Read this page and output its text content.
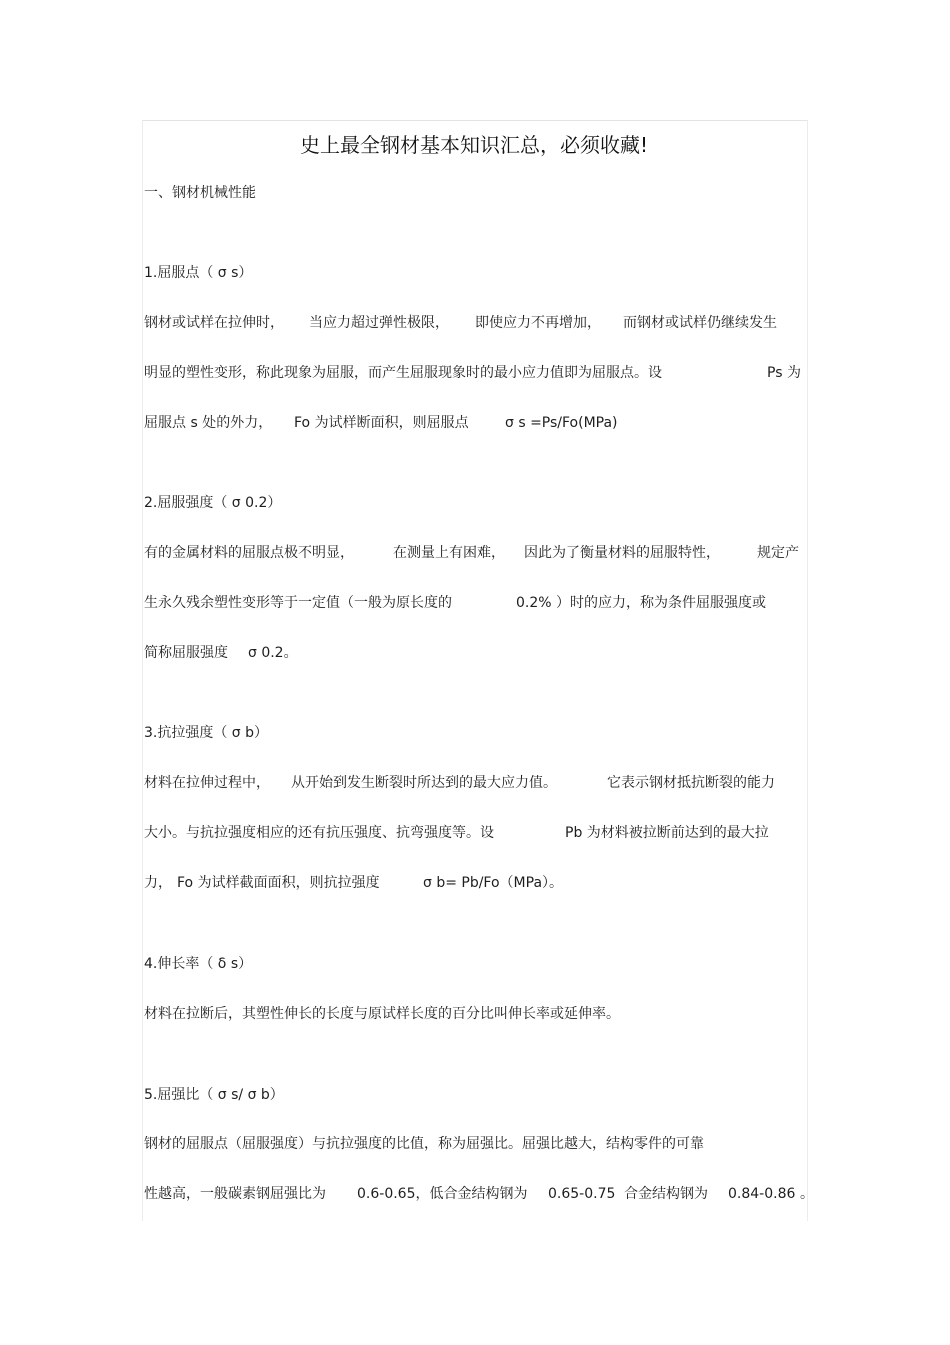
史上最全钢材基本知识汇总，必须收藏!
一、钢材机械性能
1.屈服点（ σ s）

钢材或试样在拉伸时，

当应力超过弹性极限，

即使应力不再增加，

而钢材或试样仍继续发生

明显的塑性变形，称此现象为屈服，而产生屈服现象时的最小应力值即为屈服点。设

	Ps 为

屈服点 s 处的外力，

Fo 为试样断面积，则屈服点

	σ s =Ps/Fo(MPa)

2.屈服强度（ σ 0.2）

有的金属材料的屈服点极不明显，

	在测量上有困难，

因此为了衡量材料的屈服特性，

	规定产

生永久残余塑性变形等于一定值（一般为原长度的

	0.2% ）时的应力，称为条件屈服强度或

简称屈服强度

σ 0.2。

3.抗拉强度（ σ b）

材料在拉伸过程中，

从开始到发生断裂时所达到的最大应力值。

	它表示钢材抵抗断裂的能力

大小。与抗拉强度相应的还有抗压强度、抗弯强度等。设

	Pb 为材料被拉断前达到的最大拉

力，

Fo 为试样截面面积，则抗拉强度

	σ b= Pb/Fo（MPa）。

4.伸长率（ δ s）
材料在拉断后，其塑性伸长的长度与原试样长度的百分比叫伸长率或延伸率。
5.屈强比（ σ s/ σ b）
钢材的屈服点（屈服强度）与抗拉强度的比值，称为屈强比。屈强比越大，结构零件的可靠

性越高，一般碳素钢屈强比为

0.6-0.65，低合金结构钢为

0.65-0.75

合金结构钢为

0.84-0.86

。
